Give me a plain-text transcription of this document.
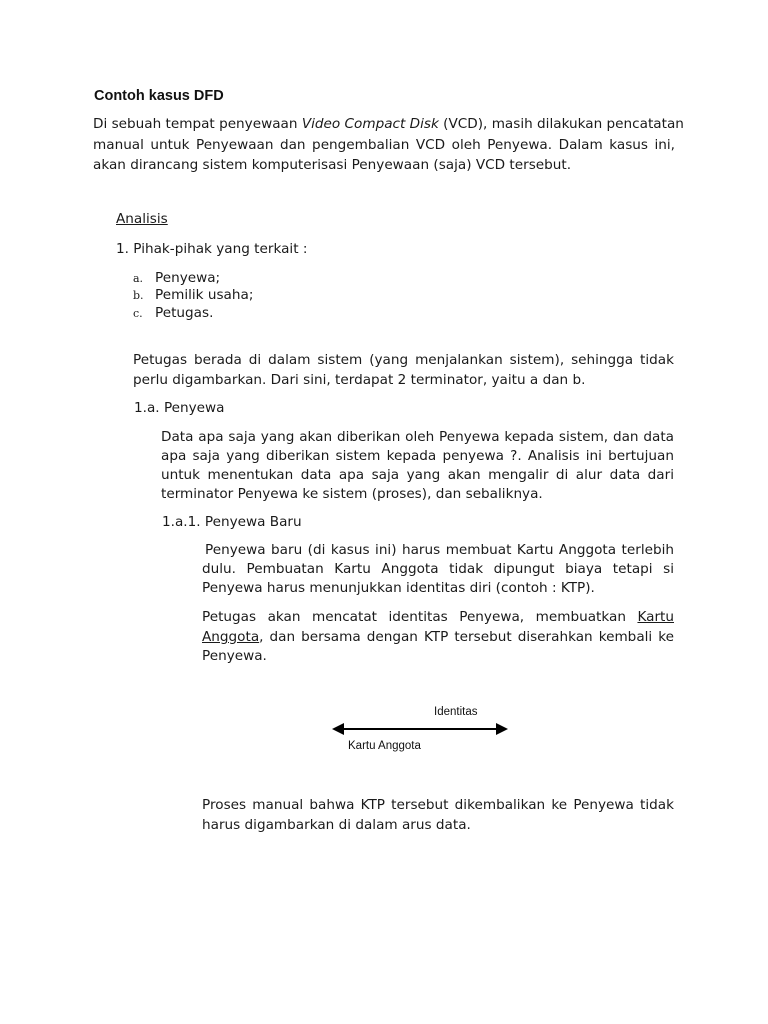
Contoh kasus DFD
Di sebuah tempat penyewaan Video Compact Disk (VCD), masih dilakukan pencatatan
manual untuk Penyewaan dan pengembalian VCD oleh Penyewa. Dalam kasus ini,
akan dirancang sistem komputerisasi Penyewaan (saja) VCD tersebut.
Analisis
1. Pihak-pihak yang terkait :
a. Penyewa;
b. Pemilik usaha;
c. Petugas.
Petugas berada di dalam sistem (yang menjalankan sistem), sehingga tidak
perlu digambarkan. Dari sini, terdapat 2 terminator, yaitu a dan b.
1.a. Penyewa
Data apa saja yang akan diberikan oleh Penyewa kepada sistem, dan data
apa saja yang diberikan sistem kepada penyewa ?. Analisis ini bertujuan
untuk menentukan data apa saja yang akan mengalir di alur data dari
terminator Penyewa ke sistem (proses), dan sebaliknya.
1.a.1. Penyewa Baru
Penyewa baru (di kasus ini) harus membuat Kartu Anggota terlebih
dulu. Pembuatan Kartu Anggota tidak dipungut biaya tetapi si
Penyewa harus menunjukkan identitas diri (contoh : KTP).
Petugas akan mencatat identitas Penyewa, membuatkan Kartu
Anggota, dan bersama dengan KTP tersebut diserahkan kembali ke
Penyewa.
Identitas
Kartu Anggota
Proses manual bahwa KTP tersebut dikembalikan ke Penyewa tidak
harus digambarkan di dalam arus data.
